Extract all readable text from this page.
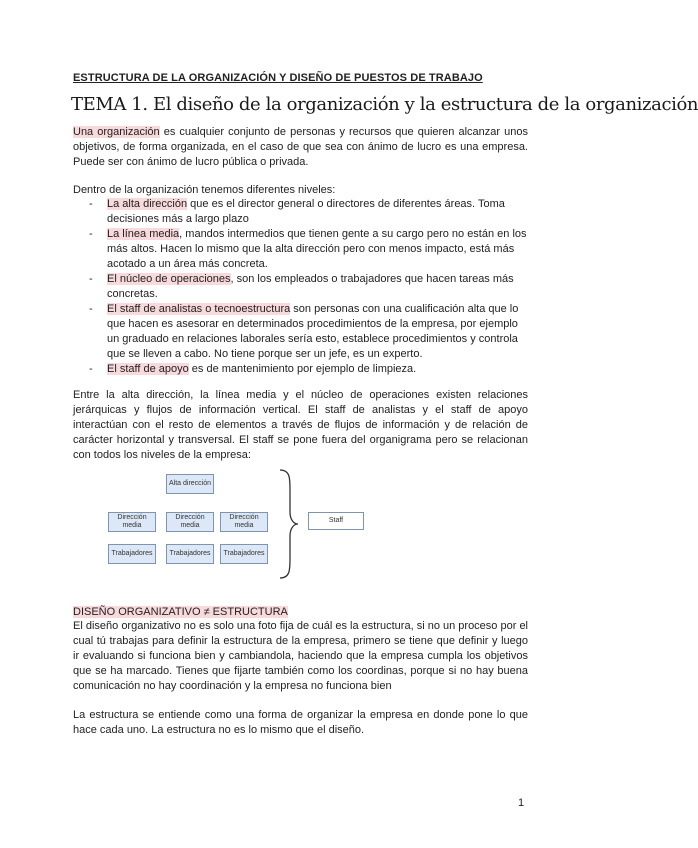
ESTRUCTURA DE LA ORGANIZACIÓN Y DISEÑO DE PUESTOS DE TRABAJO
TEMA 1. El diseño de la organización y la estructura de la organización
Una organización es cualquier conjunto de personas y recursos que quieren alcanzar unos objetivos, de forma organizada, en el caso de que sea con ánimo de lucro es una empresa. Puede ser con ánimo de lucro pública o privada.
Dentro de la organización tenemos diferentes niveles:
- La alta dirección que es el director general o directores de diferentes áreas. Toma decisiones más a largo plazo
- La línea media, mandos intermedios que tienen gente a su cargo pero no están en los más altos. Hacen lo mismo que la alta dirección pero con menos impacto, está más acotado a un área más concreta.
- El núcleo de operaciones, son los empleados o trabajadores que hacen tareas más concretas.
- El staff de analistas o tecnoestructura son personas con una cualificación alta que lo que hacen es asesorar en determinados procedimientos de la empresa, por ejemplo un graduado en relaciones laborales sería esto, establece procedimientos y controla que se lleven a cabo. No tiene porque ser un jefe, es un experto.
- El staff de apoyo es de mantenimiento por ejemplo de limpieza.
Entre la alta dirección, la línea media y el núcleo de operaciones existen relaciones jerárquicas y flujos de información vertical. El staff de analistas y el staff de apoyo interactúan con el resto de elementos a través de flujos de información y de relación de carácter horizontal y transversal. El staff se pone fuera del organigrama pero se relacionan con todos los niveles de la empresa:
Alta dirección
Dirección media
Dirección media
Dirección media
Trabajadores	Trabajadores	Trabajadores
Staff
DISEÑO ORGANIZATIVO ≠ ESTRUCTURA
El diseño organizativo no es solo una foto fija de cuál es la estructura, si no un proceso por el cual tú trabajas para definir la estructura de la empresa, primero se tiene que definir y luego ir evaluando si funciona bien y cambiandola, haciendo que la empresa cumpla los objetivos que se ha marcado. Tienes que fijarte también como los coordinas, porque si no hay buena comunicación no hay coordinación y la empresa no funciona bien
La estructura se entiende como una forma de organizar la empresa en donde pone lo que hace cada uno. La estructura no es lo mismo que el diseño.
1
